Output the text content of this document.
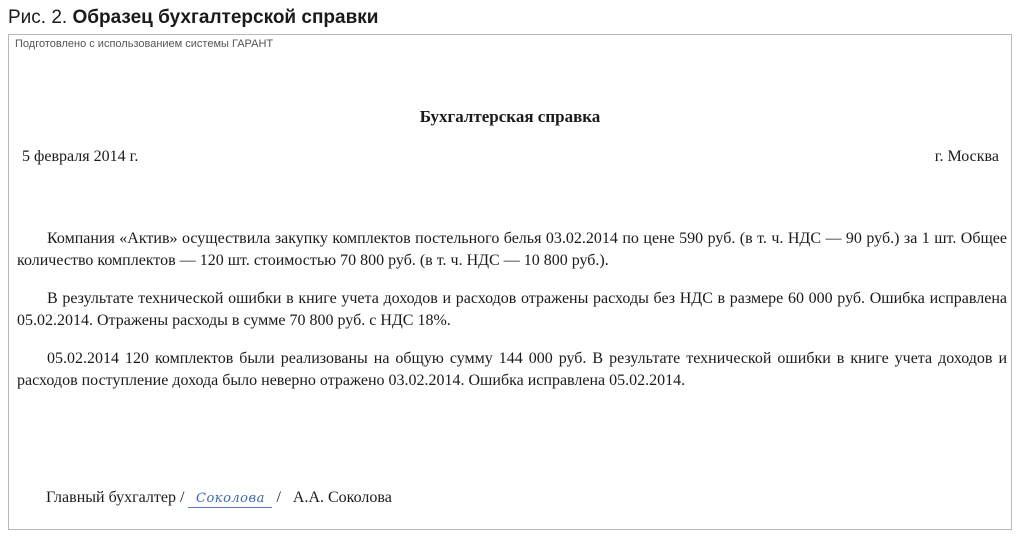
Рис. 2. Образец бухгалтерской справки
Подготовлено с использованием системы ГАРАНТ
Бухгалтерская справка
5 февраля 2014 г.	г. Москва

Компания «Актив» осуществила закупку комплектов постельного белья 03.02.2014 по цене 590 руб. (в т. ч. НДС — 90 руб.) за 1 шт. Общее количество комплектов — 120 шт. стоимостью 70 800 руб. (в т. ч. НДС — 10 800 руб.).

В результате технической ошибки в книге учета доходов и расходов отражены расходы без НДС в размере 60 000 руб. Ошибка исправлена 05.02.2014. Отражены расходы в сумме 70 800 руб. с НДС 18%.

05.02.2014 120 комплектов были реализованы на общую сумму 144 000 руб. В результате технической ошибки в книге учета доходов и расходов поступление дохода было неверно отражено 03.02.2014. Ошибка исправлена 05.02.2014.

Главный бухгалтер / Соколова / А.А. Соколова
